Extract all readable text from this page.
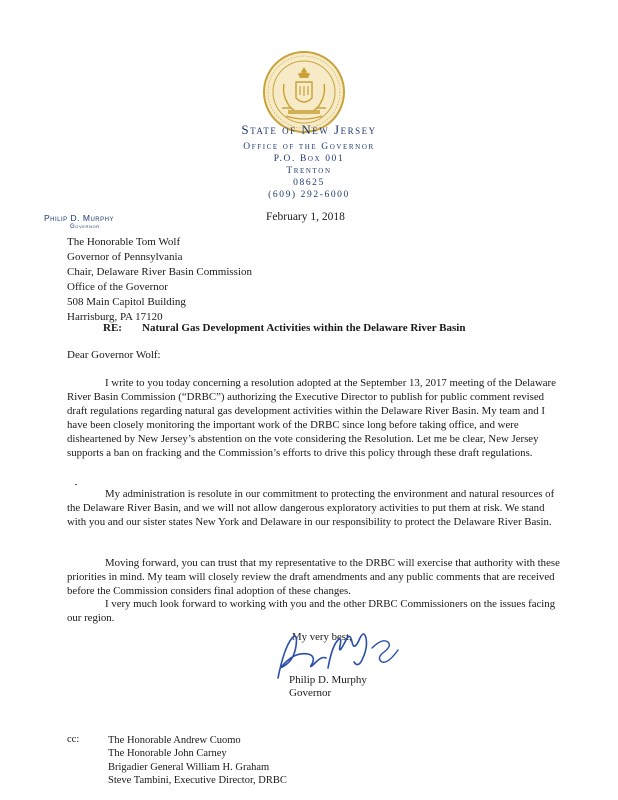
State of New Jersey
Office of the Governor
P.O. Box 001
Trenton
08625
(609) 292-6000
Philip D. Murphy
Governor
February 1, 2018
The Honorable Tom Wolf
Governor of Pennsylvania
Chair, Delaware River Basin Commission
Office of the Governor
508 Main Capitol Building
Harrisburg, PA 17120
RE: Natural Gas Development Activities within the Delaware River Basin
Dear Governor Wolf:

I write to you today concerning a resolution adopted at the September 13, 2017 meeting of the Delaware River Basin Commission (“DRBC”) authorizing the Executive Director to publish for public comment revised draft regulations regarding natural gas development activities within the Delaware River Basin. My team and I have been closely monitoring the important work of the DRBC since long before taking office, and were disheartened by New Jersey’s abstention on the vote considering the Resolution. Let me be clear, New Jersey supports a ban on fracking and the Commission’s efforts to drive this policy through these draft regulations.

My administration is resolute in our commitment to protecting the environment and natural resources of the Delaware River Basin, and we will not allow dangerous exploratory activities to put them at risk. We stand with you and our sister states New York and Delaware in our responsibility to protect the Delaware River Basin.

Moving forward, you can trust that my representative to the DRBC will exercise that authority with these priorities in mind. My team will closely review the draft amendments and any public comments that are received before the Commission considers final adoption of these changes.

I very much look forward to working with you and the other DRBC Commissioners on the issues facing our region.

My very best,
Philip D. Murphy
Governor
cc:	The Honorable Andrew Cuomo
The Honorable John Carney
Brigadier General William H. Graham
Steve Tambini, Executive Director, DRBC
